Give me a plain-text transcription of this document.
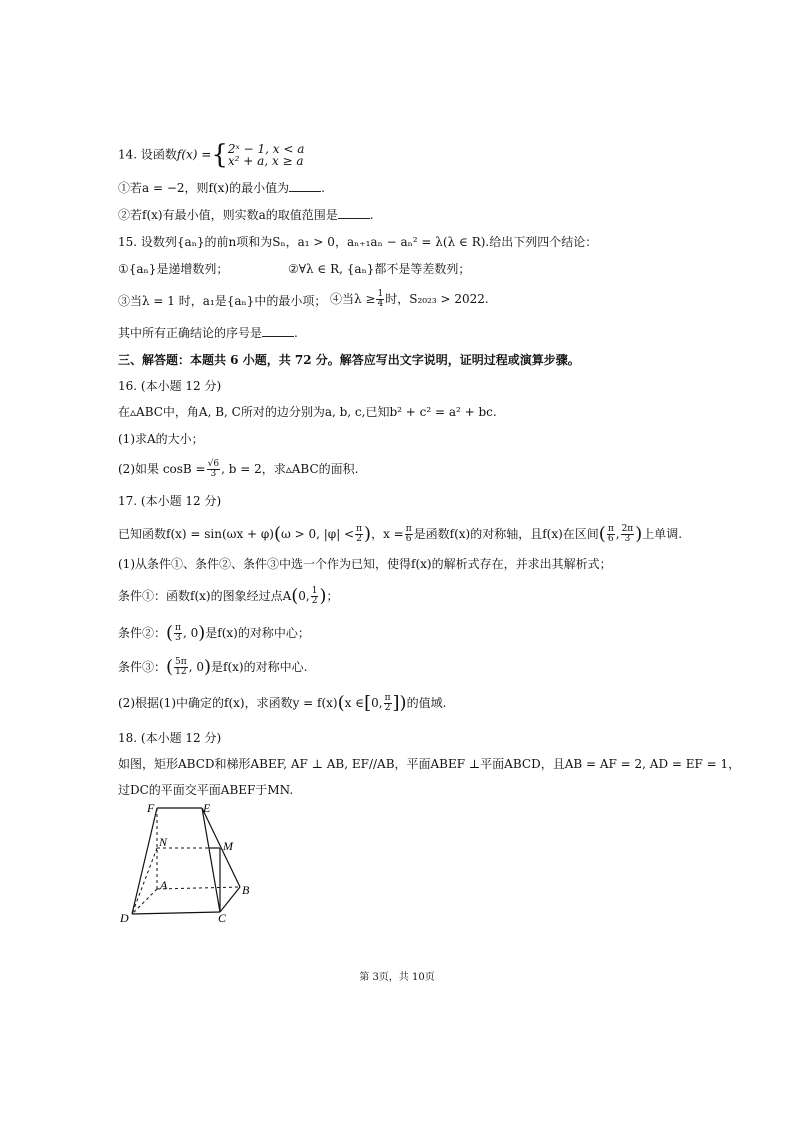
14. 设函数f(x) ={ 2ˣ − 1, x < a
x² + a, x ≥ a
①若a = −2，则f(x)的最小值为	.
②若f(x)有最小值，则实数a的取值范围是	.
15. 设数列{aₙ}的前n项和为Sₙ，a₁ > 0，aₙ₊₁aₙ − aₙ² = λ(λ ∈ R).给出下列四个结论：
①{aₙ}是递增数列；	②∀λ ∈ R, {aₙ}都不是等差数列；
③当λ = 1 时，a₁是{aₙ}中的最小项； ④当$\lambda \ge \frac{1}{4}$ 时，S₂₀₂₃ > 2022.
其中所有正确结论的序号是	.
三、解答题：本题共 6 小题，共 72 分。解答应写出文字说明，证明过程或演算步骤。
16. (本小题 12 分)
在▵ABC中，角A, B, C所对的边分别为a, b, c,已知b² + c² = a² + bc.
(1)求A的大小；
(2)如果 $\cos B = \frac{√6}{3}$ , b = 2，求▵ABC的面积.
17. (本小题 12 分)
已知函数f(x) = sin(ωx + φ)(ω > 0, $|\varphi| < \frac{\pi}{2}$ )，$x = \frac{\pi}{6}$ 是函数f(x)的对称轴，且f(x)在区间( $\frac{\pi}{6}$ , $\frac{2\pi}{3}$ )上单调.
(1)从条件①、条件②、条件③中选一个作为已知，使得f(x)的解析式存在，并求出其解析式；
条件①：函数f(x)的图象经过点A(0, $\frac{1}{2}$ )；
条件②：( $\frac{\pi}{3}$ , 0)是f(x)的对称中心；
条件③：( $\frac{5\pi}{12}$ , 0)是f(x)的对称中心.
(2)根据(1)中确定的f(x)，求函数y = f(x)(x ∈[0, $\frac{\pi}{2}$ ])的值域.
18. (本小题 12 分)
如图，矩形ABCD和梯形ABEF, AF ⊥ AB, EF//AB，平面ABEF ⊥平面ABCD，且AB = AF = 2, AD = EF = 1，
过DC的平面交平面ABEF于MN.
F	E
N	M
A	B
D	C
第 3页，共 10页
